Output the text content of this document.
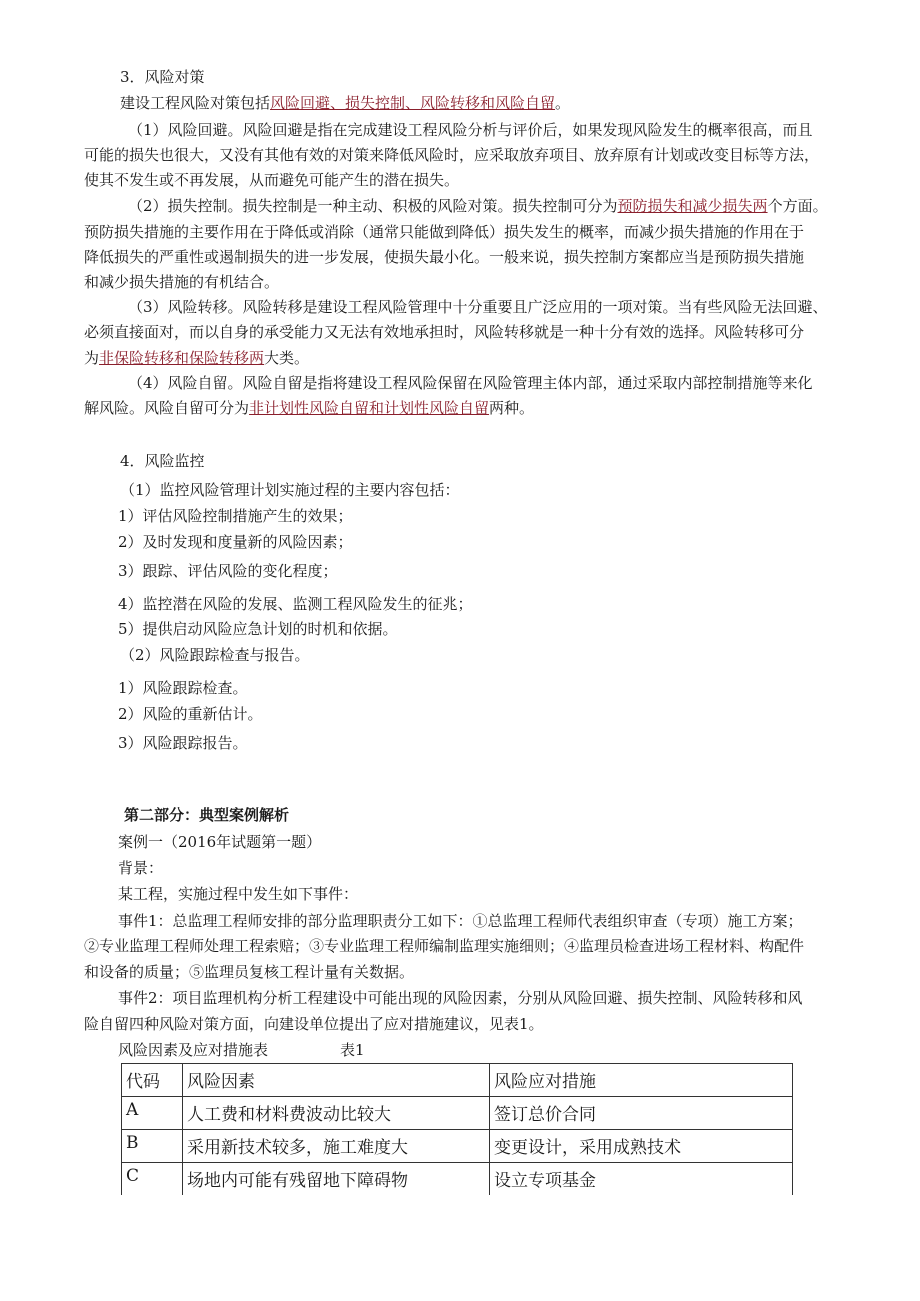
3．风险对策
建设工程风险对策包括风险回避、损失控制、风险转移和风险自留。
（1）风险回避。风险回避是指在完成建设工程风险分析与评价后，如果发现风险发生的概率很高，而且
可能的损失也很大，又没有其他有效的对策来降低风险时，应采取放弃项目、放弃原有计划或改变目标等方法，
使其不发生或不再发展，从而避免可能产生的潜在损失。
（2）损失控制。损失控制是一种主动、积极的风险对策。损失控制可分为预防损失和减少损失两个方面。
预防损失措施的主要作用在于降低或消除（通常只能做到降低）损失发生的概率，而减少损失措施的作用在于
降低损失的严重性或遏制损失的进一步发展，使损失最小化。一般来说，损失控制方案都应当是预防损失措施
和减少损失措施的有机结合。
（3）风险转移。风险转移是建设工程风险管理中十分重要且广泛应用的一项对策。当有些风险无法回避、
必须直接面对，而以自身的承受能力又无法有效地承担时，风险转移就是一种十分有效的选择。风险转移可分
为非保险转移和保险转移两大类。
（4）风险自留。风险自留是指将建设工程风险保留在风险管理主体内部，通过采取内部控制措施等来化
解风险。风险自留可分为非计划性风险自留和计划性风险自留两种。
4．风险监控
（1）监控风险管理计划实施过程的主要内容包括：
1）评估风险控制措施产生的效果；
2）及时发现和度量新的风险因素；
3）跟踪、评估风险的变化程度；
4）监控潜在风险的发展、监测工程风险发生的征兆；
5）提供启动风险应急计划的时机和依据。
（2）风险跟踪检查与报告。
1）风险跟踪检查。
2）风险的重新估计。
3）风险跟踪报告。
第二部分：典型案例解析
案例一（2016年试题第一题）
背景：
某工程，实施过程中发生如下事件：
事件1：总监理工程师安排的部分监理职责分工如下：①总监理工程师代表组织审查（专项）施工方案；
②专业监理工程师处理工程索赔；③专业监理工程师编制监理实施细则；④监理员检查进场工程材料、构配件
和设备的质量；⑤监理员复核工程计量有关数据。
事件2：项目监理机构分析工程建设中可能出现的风险因素，分别从风险回避、损失控制、风险转移和风
险自留四种风险对策方面，向建设单位提出了应对措施建议，见表1。
风险因素及应对措施表	表1
代码	风险因素	风险应对措施
A	人工费和材料费波动比较大	签订总价合同
B	采用新技术较多，施工难度大	变更设计，采用成熟技术
C	场地内可能有残留地下障碍物	设立专项基金
